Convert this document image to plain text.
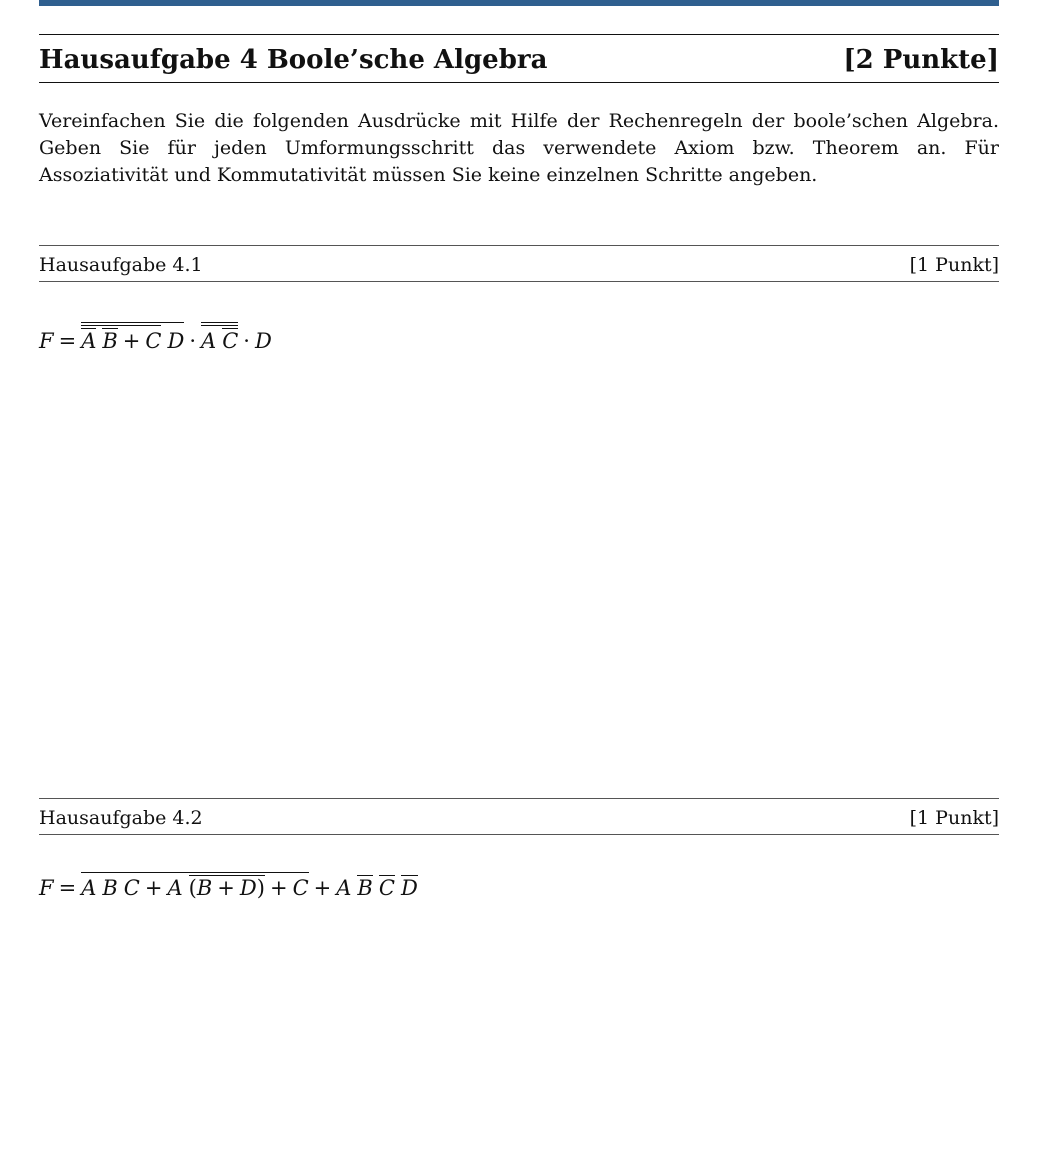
Hausaufgabe 4 Boole’sche Algebra	[2 Punkte]

Vereinfachen Sie die folgenden Ausdrücke mit Hilfe der Rechenregeln der boole’schen Algebra. Geben Sie für jeden Umformungsschritt das verwendete Axiom bzw. Theorem an. Für Assoziativität und Kommutativität müssen Sie keine einzelnen Schritte angeben.

Hausaufgabe 4.1	[1 Punkt]
F = A B + C D · A C · D
Hausaufgabe 4.2	[1 Punkt]
F = A B C + A (B + D) + C + A B C D
